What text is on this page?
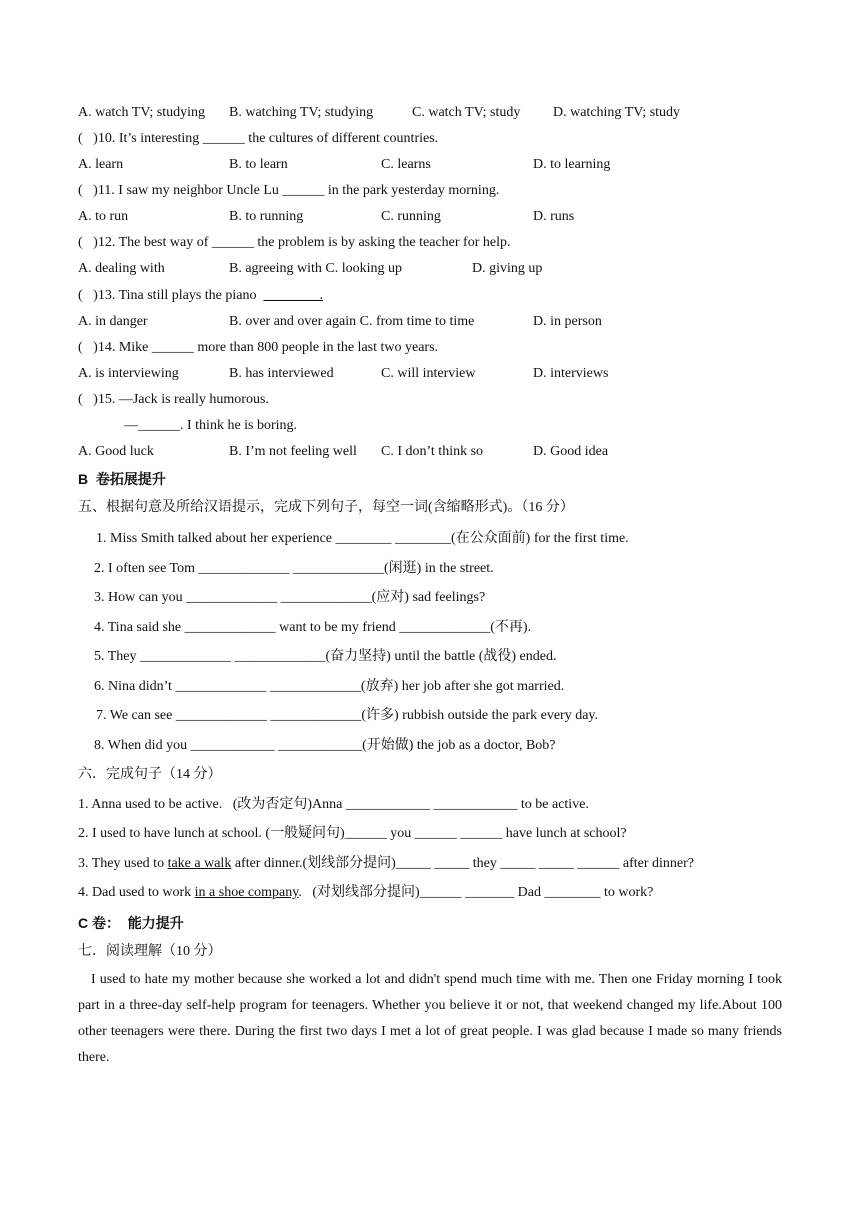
A. watch TV; studying B. watching TV; studying	C. watch TV; study D. watching TV; study
(   )10. It’s interesting ______ the cultures of different countries.
A. learn	B. to learn	C. learns	D. to learning
(   )11. I saw my neighbor Uncle Lu ______ in the park yesterday morning.
A. to run	B. to running	C. running	D. runs
(   )12. The best way of ______ the problem is by asking the teacher for help.
A. dealing with	B. agreeing with C. looking up	D. giving up
(   )13. Tina still plays the piano  ________.
A. in danger	B. over and over again C. from time to time	D. in person
(   )14. Mike ______ more than 800 people in the last two years.
A. is interviewing	B. has interviewed	C. will interview	D. interviews
(   )15. —Jack is really humorous.
—______. I think he is boring.
A. Good luck	B. I’m not feeling well C. I don’t think so	D. Good idea
B  卷拓展提升
五、根据句意及所给汉语提示，完成下列句子，每空一词(含缩略形式)。（16 分）
1. Miss Smith talked about her experience ________ ________(在公众面前) for the first time.
2. I often see Tom _____________ _____________(闲逛) in the street.
3. How can you _____________ _____________(应对) sad feelings?
4. Tina said she _____________ want to be my friend _____________(不再).
5. They _____________ _____________(奋力坚持) until the battle (战役) ended.
6. Nina didn’t _____________ _____________(放弃) her job after she got married.
7. We can see _____________ _____________(许多) rubbish outside the park every day.
8. When did you ____________ ____________(开始做) the job as a doctor, Bob?
六．完成句子（14 分）
1. Anna used to be active.   (改为否定句)Anna ____________ ____________ to be active.
2. I used to have lunch at school. (一般疑问句)______ you ______ ______ have lunch at school?
3. They used to take a walk after dinner.(划线部分提问)_____ _____ they _____ _____ ______ after dinner?
4. Dad used to work in a shoe company.   (对划线部分提问)______ _______ Dad ________ to work?
C 卷：  能力提升
七．阅读理解（10 分）

I used to hate my mother because she worked a lot and didn't spend much time with me. Then one Friday morning I took part in a three-day self-help program for teenagers. Whether you believe it or not, that weekend changed my life.About 100 other teenagers were there. During the first two days I met a lot of great people. I was glad because I made so many friends there.
